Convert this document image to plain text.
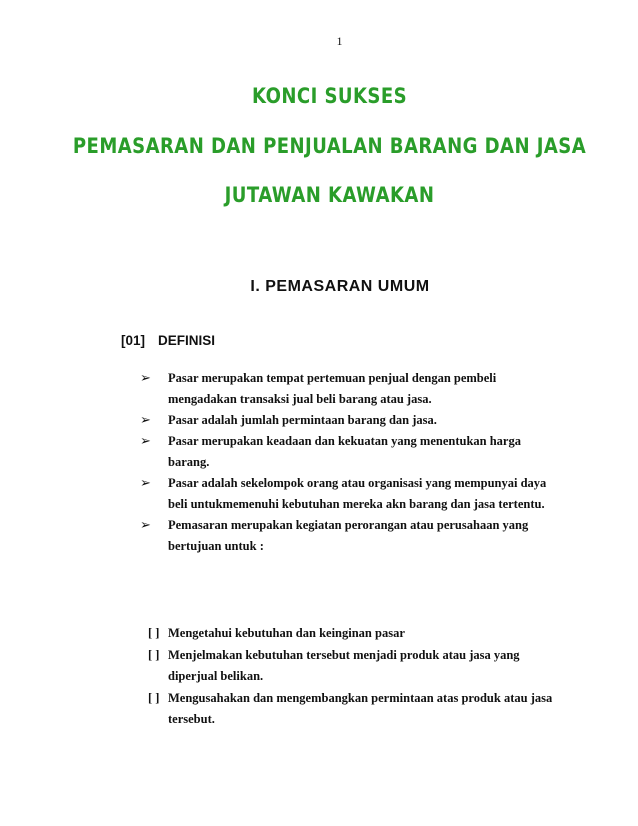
1
KONCI SUKSES
PEMASARAN DAN PENJUALAN BARANG DAN JASA
JUTAWAN KAWAKAN
I. PEMASARAN UMUM
[01] DEFINISI
➢ Pasar merupakan tempat pertemuan penjual dengan pembeli mengadakan transaksi jual beli barang atau jasa.
➢ Pasar adalah jumlah permintaan barang dan jasa.
➢ Pasar merupakan keadaan dan kekuatan yang menentukan harga barang.
➢ Pasar adalah sekelompok orang atau organisasi yang mempunyai daya beli untukmemenuhi kebutuhan mereka akn barang dan jasa tertentu.
➢ Pemasaran merupakan kegiatan perorangan atau perusahaan yang bertujuan untuk :
[ ] Mengetahui kebutuhan dan keinginan pasar
[ ] Menjelmakan kebutuhan tersebut menjadi produk atau jasa yang diperjual belikan.
[ ] Mengusahakan dan mengembangkan permintaan atas produk atau jasa tersebut.
